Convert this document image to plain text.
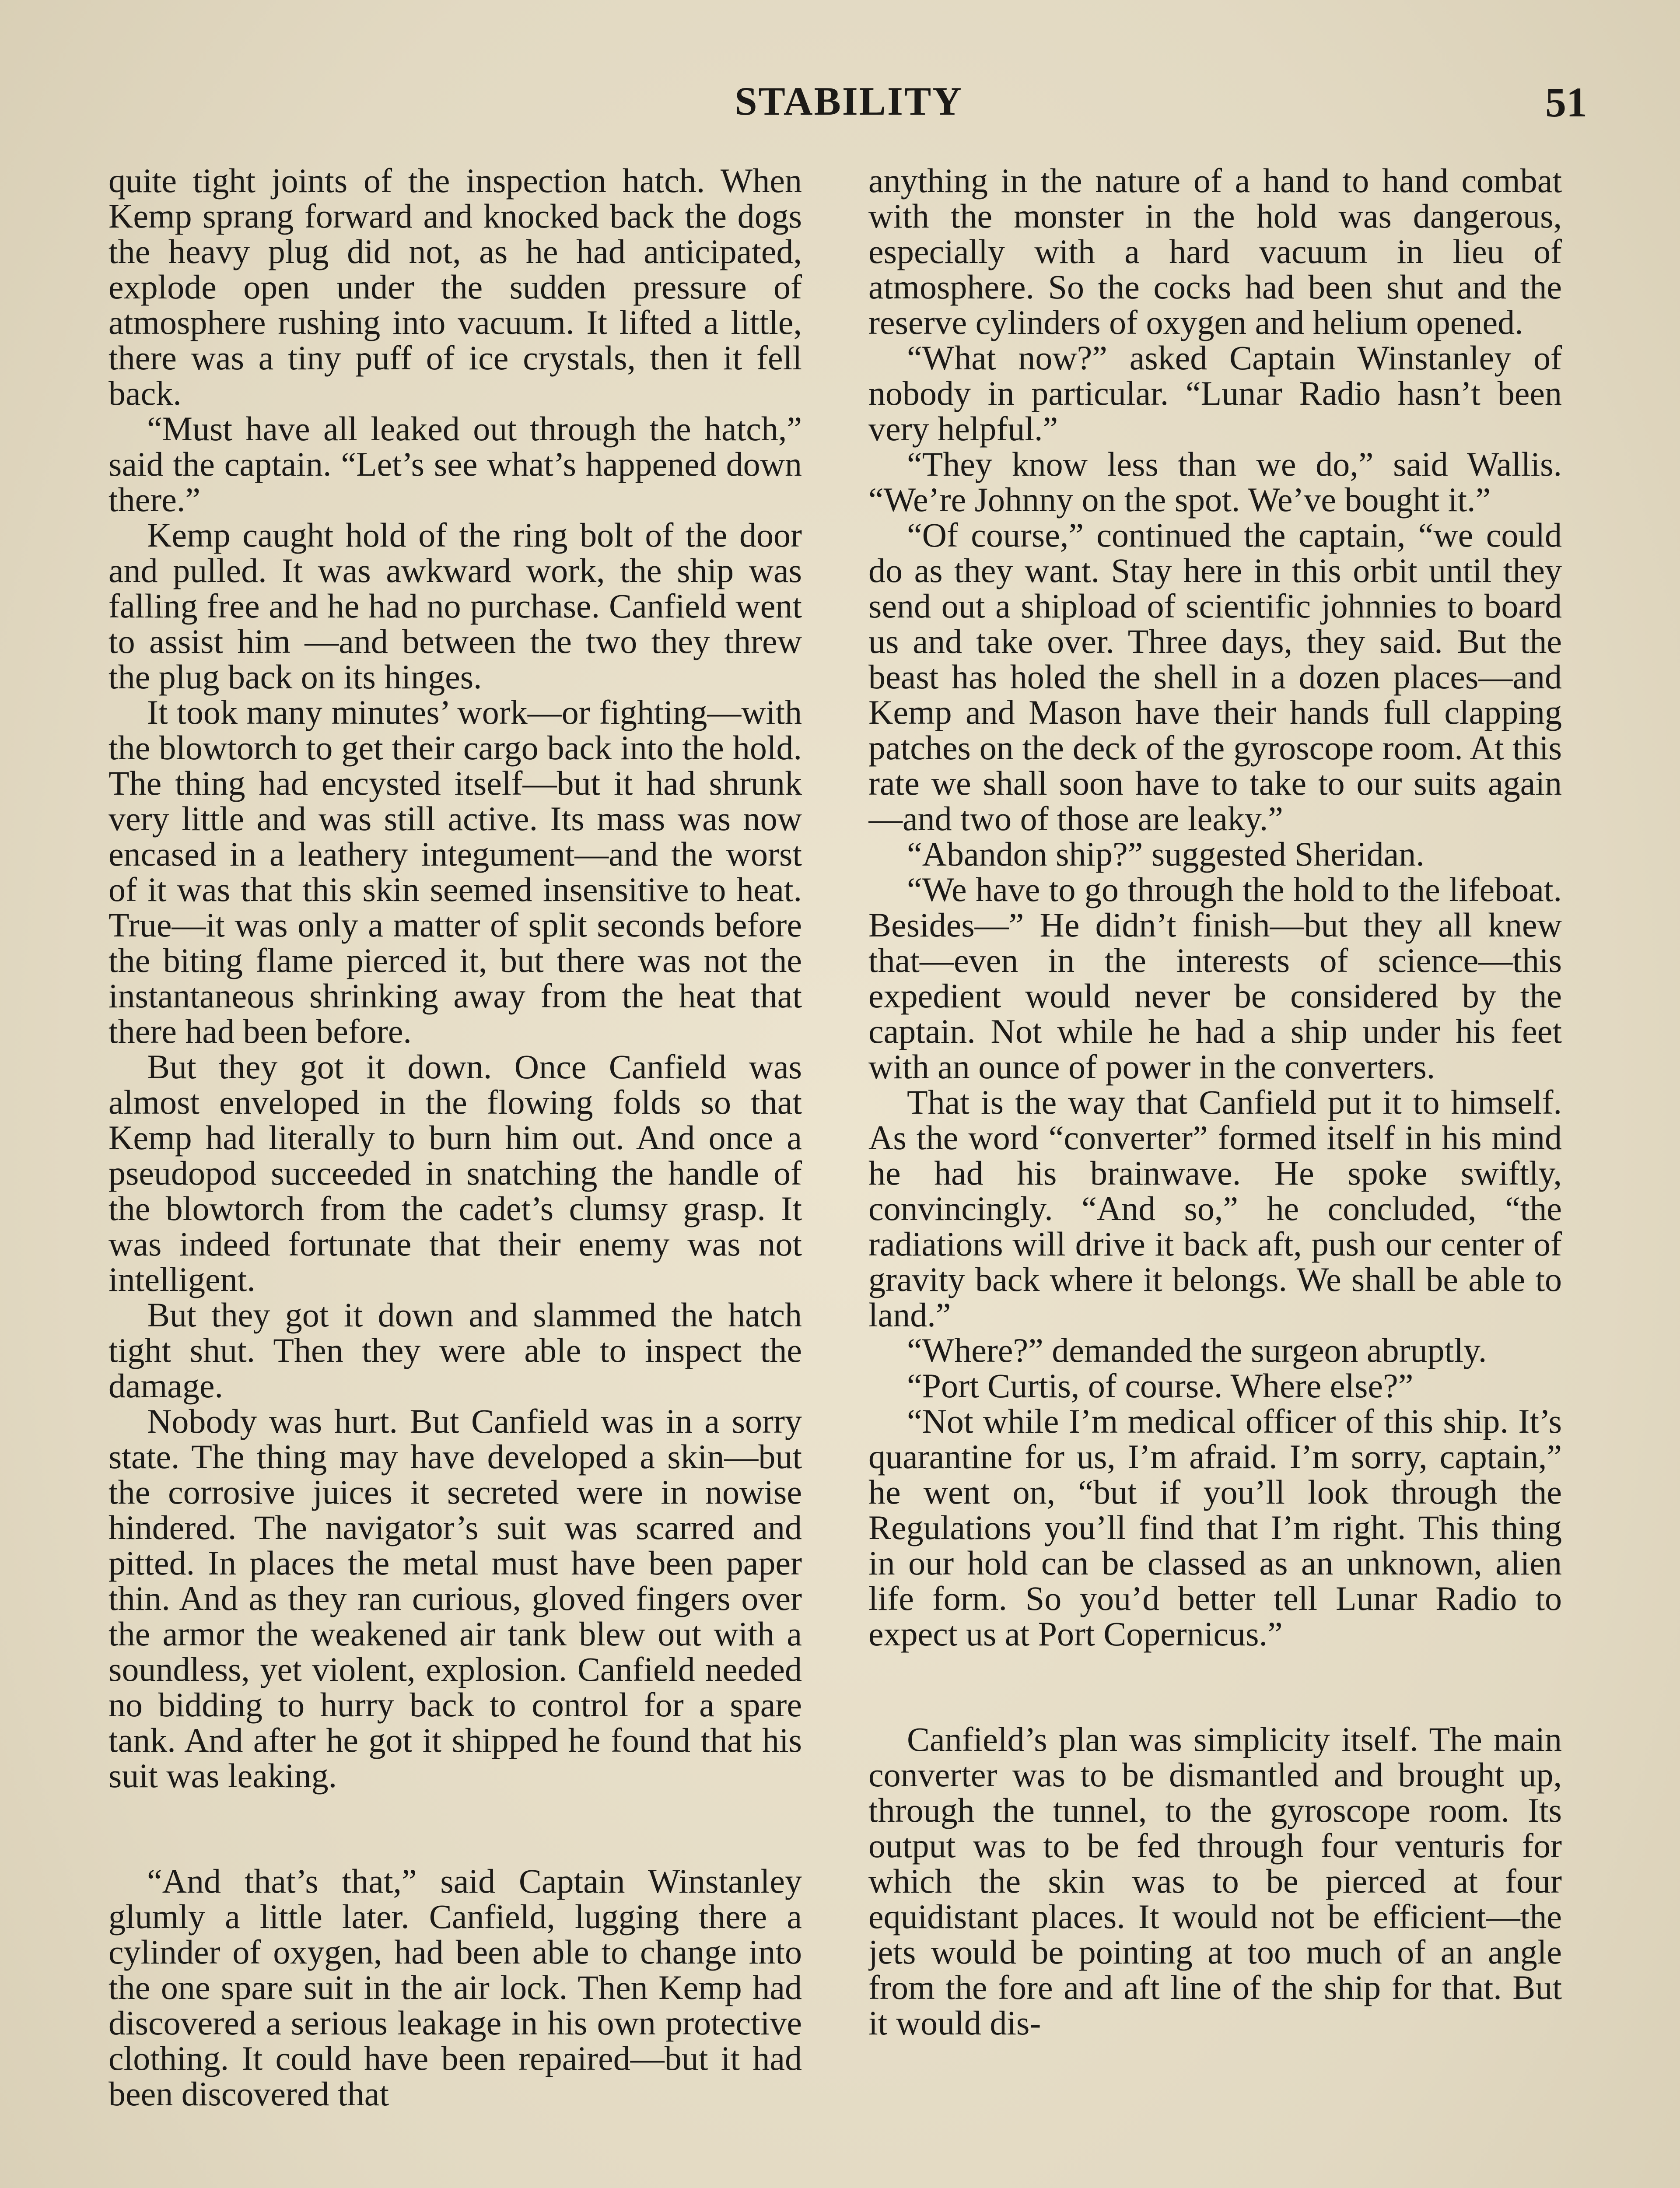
STABILITY	51

quite tight joints of the inspection hatch. When Kemp sprang forward and knocked back the dogs the heavy plug did not, as he had anticipated, explode open under the sudden pressure of atmosphere rushing into vacuum. It lifted a little, there was a tiny puff of ice crystals, then it fell back.

“Must have all leaked out through the hatch,” said the captain. “Let’s see what’s happened down there.”

Kemp caught hold of the ring bolt of the door and pulled. It was awkward work, the ship was falling free and he had no purchase. Canfield went to assist him —and between the two they threw the plug back on its hinges.

It took many minutes’ work—or fighting—with the blowtorch to get their cargo back into the hold. The thing had encysted itself—but it had shrunk very little and was still active. Its mass was now encased in a leathery integument—and the worst of it was that this skin seemed insensitive to heat. True—it was only a matter of split seconds before the biting flame pierced it, but there was not the instantaneous shrinking away from the heat that there had been before.

But they got it down. Once Canfield was almost enveloped in the flowing folds so that Kemp had literally to burn him out. And once a pseudopod succeeded in snatching the handle of the blowtorch from the cadet’s clumsy grasp. It was indeed fortunate that their enemy was not intelligent.

But they got it down and slammed the hatch tight shut. Then they were able to inspect the damage.

Nobody was hurt. But Canfield was in a sorry state. The thing may have developed a skin—but the corrosive juices it secreted were in nowise hindered. The navigator’s suit was scarred and pitted. In places the metal must have been paper thin. And as they ran curious, gloved fingers over the armor the weakened air tank blew out with a soundless, yet violent, explosion. Canfield needed no bidding to hurry back to control for a spare tank. And after he got it shipped he found that his suit was leaking.

“And that’s that,” said Captain Winstanley glumly a little later. Canfield, lugging there a cylinder of oxygen, had been able to change into the one spare suit in the air lock. Then Kemp had discovered a serious leakage in his own protective clothing. It could have been repaired—but it had been discovered that

anything in the nature of a hand to hand combat with the monster in the hold was dangerous, especially with a hard vacuum in lieu of atmosphere. So the cocks had been shut and the reserve cylinders of oxygen and helium opened.

“What now?” asked Captain Winstanley of nobody in particular. “Lunar Radio hasn’t been very helpful.”

“They know less than we do,” said Wallis. “We’re Johnny on the spot. We’ve bought it.”

“Of course,” continued the captain, “we could do as they want. Stay here in this orbit until they send out a shipload of scientific johnnies to board us and take over. Three days, they said. But the beast has holed the shell in a dozen places—and Kemp and Mason have their hands full clapping patches on the deck of the gyroscope room. At this rate we shall soon have to take to our suits again—and two of those are leaky.”

“Abandon ship?” suggested Sheridan.

“We have to go through the hold to the lifeboat. Besides—” He didn’t finish—but they all knew that—even in the interests of science—this expedient would never be considered by the captain. Not while he had a ship under his feet with an ounce of power in the converters.

That is the way that Canfield put it to himself. As the word “converter” formed itself in his mind he had his brainwave. He spoke swiftly, convincingly. “And so,” he concluded, “the radiations will drive it back aft, push our center of gravity back where it belongs. We shall be able to land.”

“Where?” demanded the surgeon abruptly.

“Port Curtis, of course. Where else?”

“Not while I’m medical officer of this ship. It’s quarantine for us, I’m afraid. I’m sorry, captain,” he went on, “but if you’ll look through the Regulations you’ll find that I’m right. This thing in our hold can be classed as an unknown, alien life form. So you’d better tell Lunar Radio to expect us at Port Copernicus.”

Canfield’s plan was simplicity itself. The main converter was to be dismantled and brought up, through the tunnel, to the gyroscope room. Its output was to be fed through four venturis for which the skin was to be pierced at four equidistant places. It would not be efficient—the jets would be pointing at too much of an angle from the fore and aft line of the ship for that. But it would dis-
